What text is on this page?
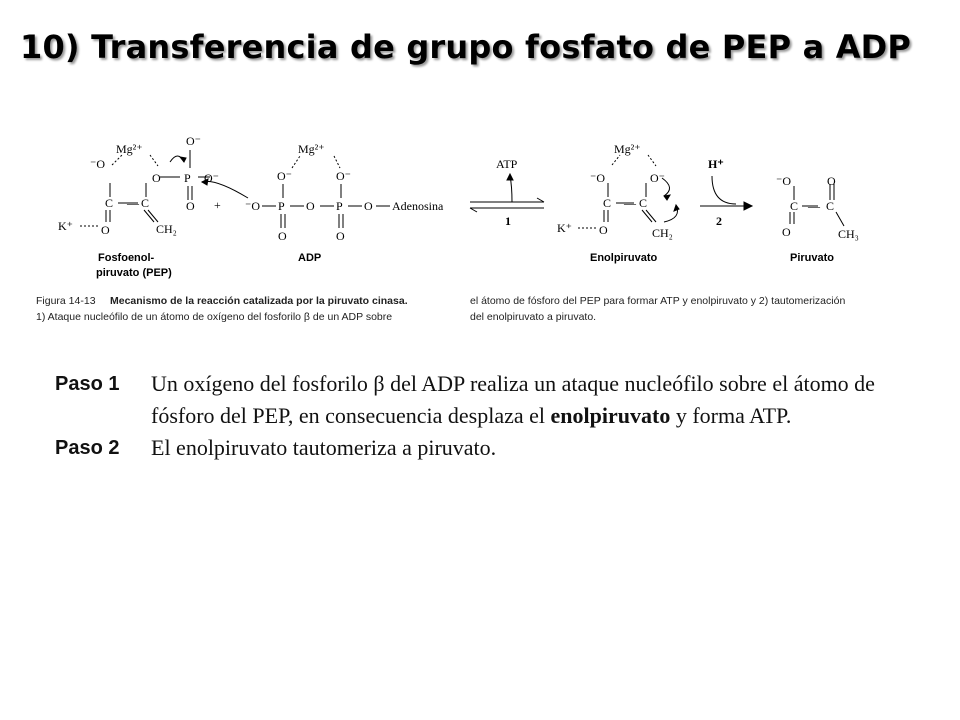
10) Transferencia de grupo fosfato de PEP a ADP
Mg²⁺
⁻O
O
C — C
P
O⁻
O⁻
O
O
K⁺	CH₂
Fosfoenol-
piruvato (PEP)
+
Mg²⁺
O⁻	O⁻
⁻O P O P O Adenosina
O	O
ADP
ATP
1
Mg²⁺
⁻O	O⁻
C — C
O
K⁺	CH₂
Enolpiruvato
H⁺
2
⁻O	O
C — C
O	CH₃
Piruvato
Figura 14-13 Mecanismo de la reacción catalizada por la piruvato cinasa.
1) Ataque nucleófilo de un átomo de oxígeno del fosforilo β de un ADP sobre
el átomo de fósforo del PEP para formar ATP y enolpiruvato y 2) tautomerización
del enolpiruvato a piruvato.
Paso 1	Un oxígeno del fosforilo β del ADP realiza un ataque nucleófilo sobre el átomo de fósforo del PEP, en consecuencia desplaza el enolpiruvato y forma ATP.
Paso 2	El enolpiruvato tautomeriza a piruvato.
